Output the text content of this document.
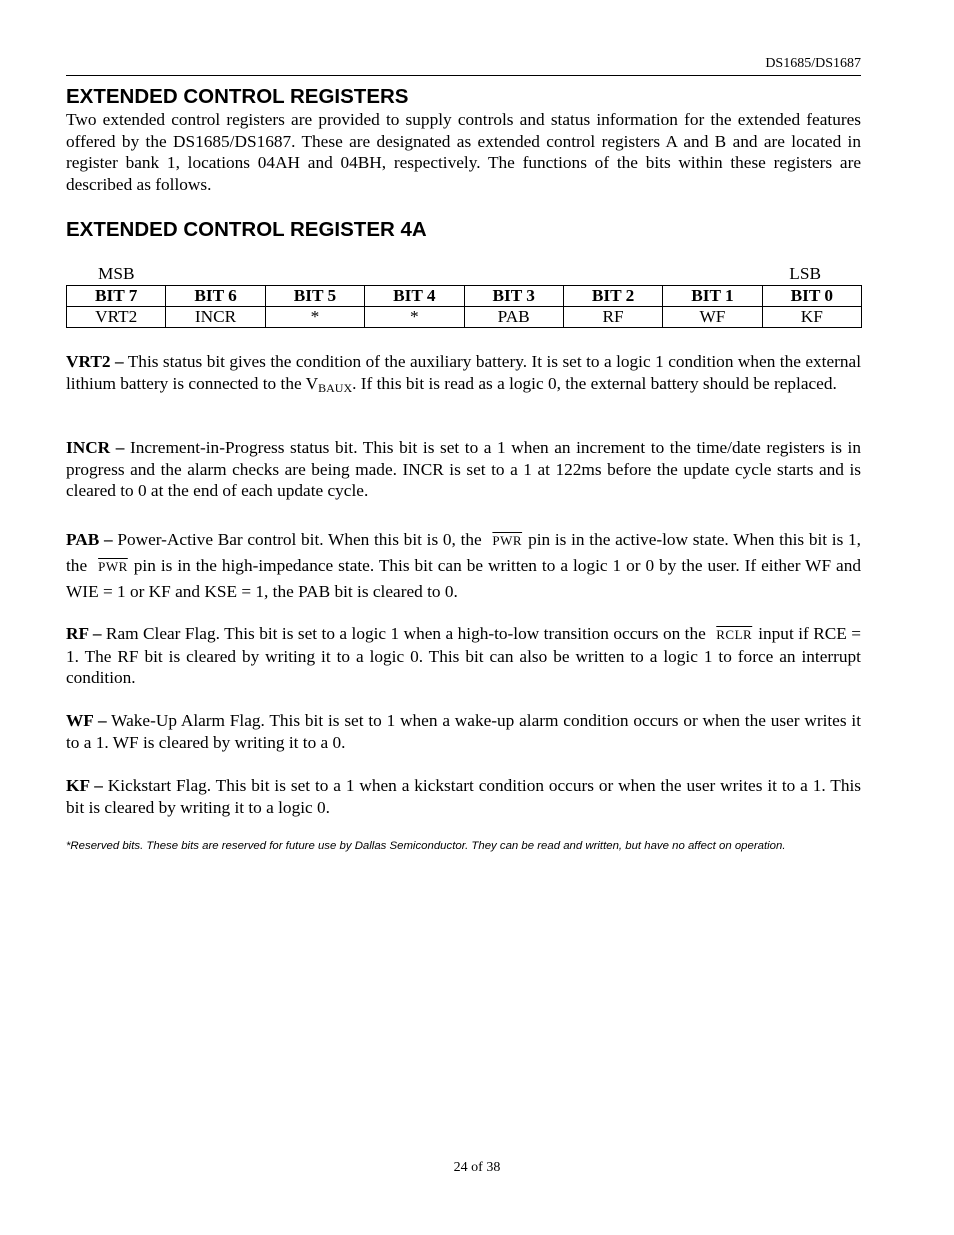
DS1685/DS1687
EXTENDED CONTROL REGISTERS

Two extended control registers are provided to supply controls and status information for the extended features offered by the DS1685/DS1687. These are designated as extended control registers A and B and are located in register bank 1, locations 04AH and 04BH, respectively. The functions of the bits within these registers are described as follows.

EXTENDED CONTROL REGISTER 4A
MSB	LSB
BIT 7	BIT 6	BIT 5	BIT 4	BIT 3	BIT 2	BIT 1	BIT 0
VRT2	INCR	*	*	PAB	RF	WF	KF

VRT2 – This status bit gives the condition of the auxiliary battery. It is set to a logic 1 condition when the external lithium battery is connected to the $V_{BAUX}$. If this bit is read as a logic 0, the external battery should be replaced.

INCR – Increment-in-Progress status bit. This bit is set to a 1 when an increment to the time/date registers is in progress and the alarm checks are being made. INCR is set to a 1 at 122ms before the update cycle starts and is cleared to 0 at the end of each update cycle.

PAB – Power-Active Bar control bit. When this bit is 0, the $\overline{PWR}$ pin is in the active-low state. When this bit is 1, the $\overline{PWR}$ pin is in the high-impedance state. This bit can be written to a logic 1 or 0 by the user. If either WF and WIE = 1 or KF and KSE = 1, the PAB bit is cleared to 0.

RF – Ram Clear Flag. This bit is set to a logic 1 when a high-to-low transition occurs on the RCLR input if RCE = 1. The RF bit is cleared by writing it to a logic 0. This bit can also be written to a logic 1 to force an interrupt condition.

WF – Wake-Up Alarm Flag. This bit is set to 1 when a wake-up alarm condition occurs or when the user writes it to a 1. WF is cleared by writing it to a 0.

KF – Kickstart Flag. This bit is set to a 1 when a kickstart condition occurs or when the user writes it to a 1. This bit is cleared by writing it to a logic 0.

*Reserved bits. These bits are reserved for future use by Dallas Semiconductor. They can be read and written, but have no affect on operation.
24 of 38
